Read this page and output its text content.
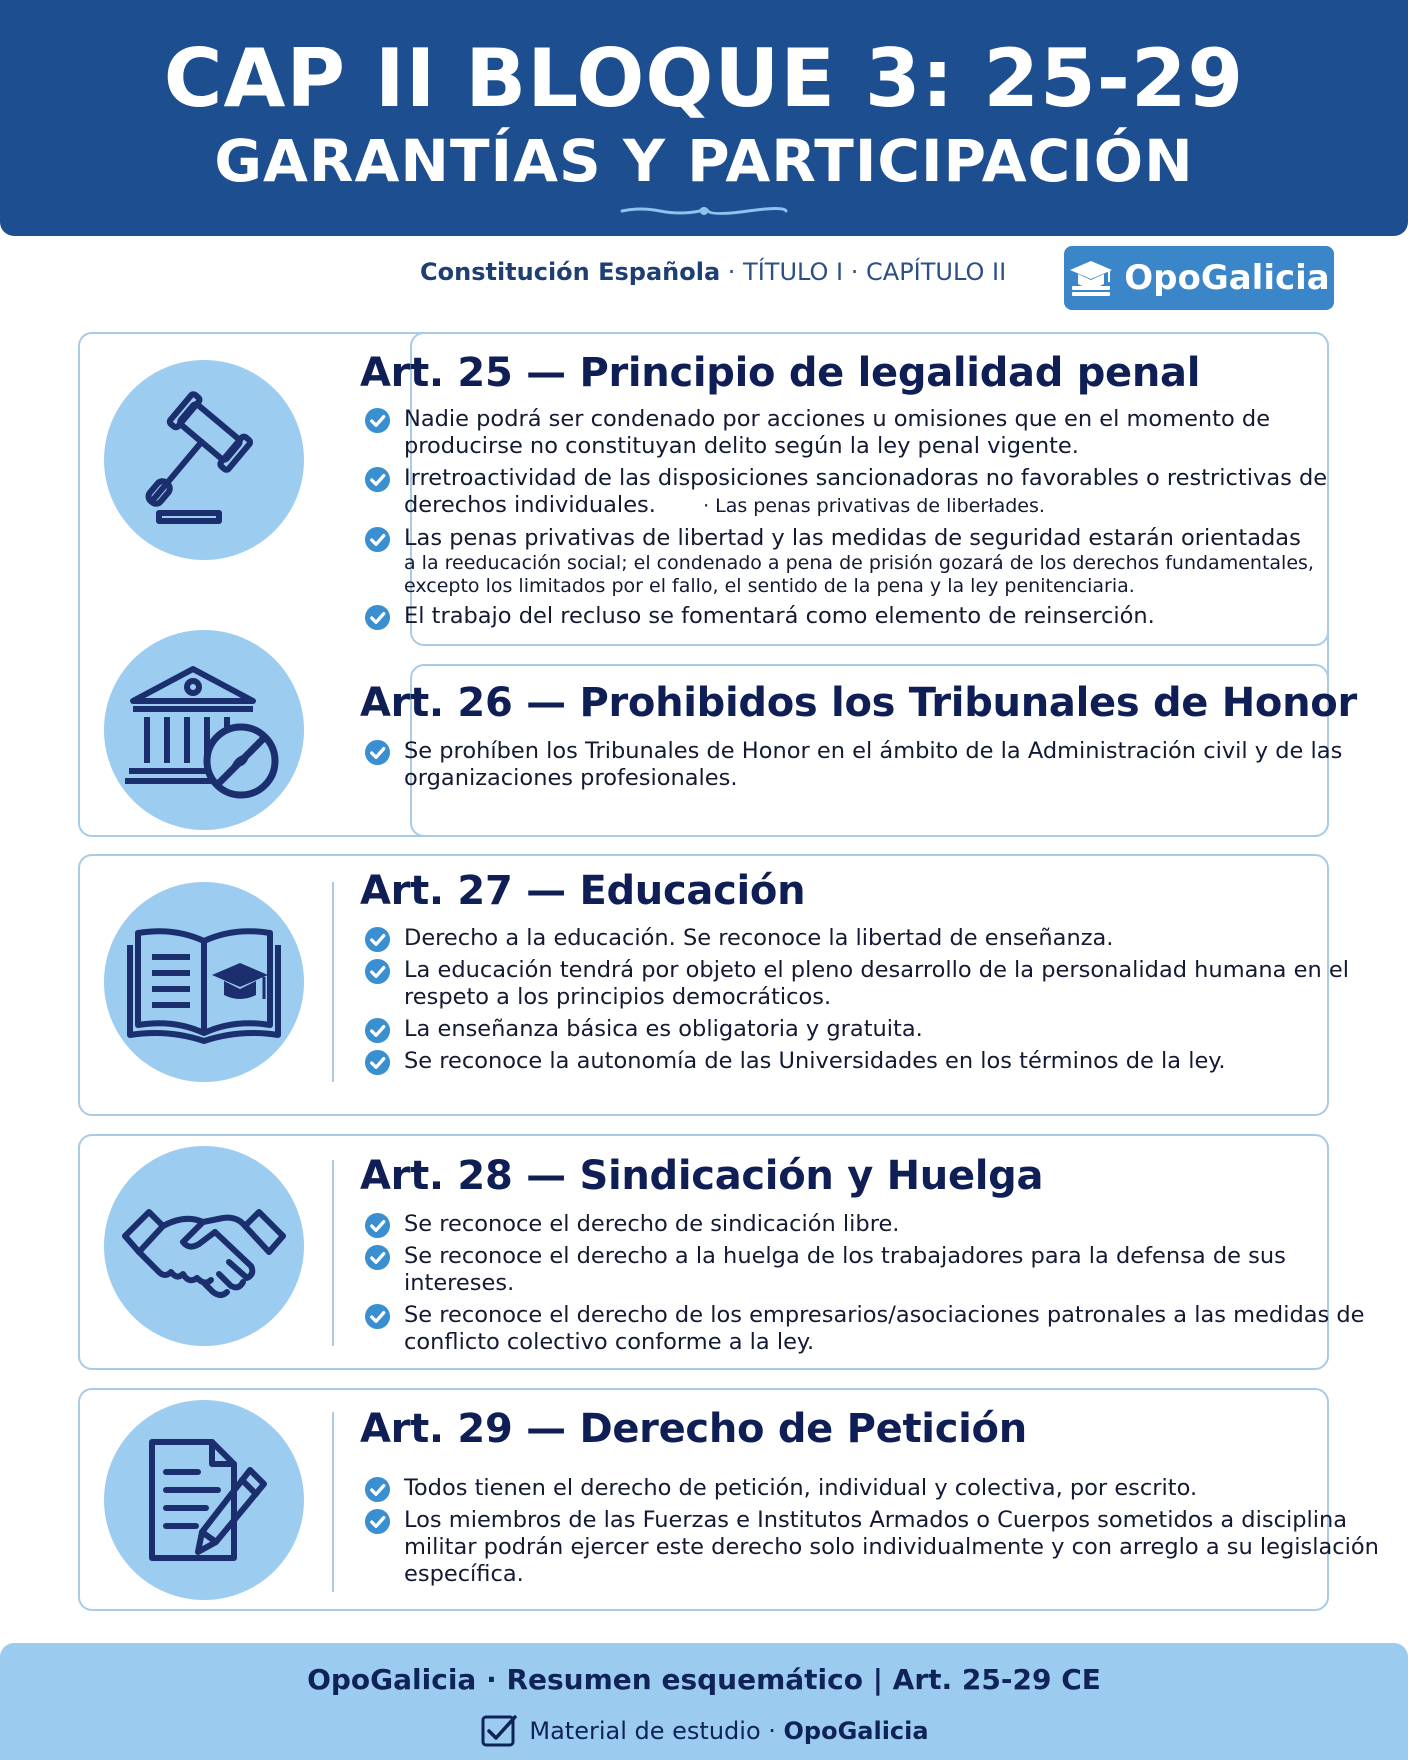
CAP II BLOQUE 3: 25-29
GARANTÍAS Y PARTICIPACIÓN
Constitución Española · TÍTULO I · CAPÍTULO II	OpoGalicia
Art. 25 — Principio de legalidad penal
Nadie podrá ser condenado por acciones u omisiones que en el momento de producirse no constituyan delito según la ley penal vigente.
Irretroactividad de las disposiciones sancionadoras no favorables o restrictivas de derechos individuales. · Las penas privativas de liberłades.
Las penas privativas de libertad y las medidas de seguridad estarán orientadas
a la reeducación social; el condenado a pena de prisión gozará de los derechos fundamentales, excepto los limitados por el fallo, el sentido de la pena y la ley penitenciaria.
El trabajo del recluso se fomentará como elemento de reinserción.
Art. 26 — Prohibidos los Tribunales de Honor
Se prohíben los Tribunales de Honor en el ámbito de la Administración civil y de las organizaciones profesionales.
Art. 27 — Educación
Derecho a la educación. Se reconoce la libertad de enseñanza.
La educación tendrá por objeto el pleno desarrollo de la personalidad humana en el respeto a los principios democráticos.
La enseñanza básica es obligatoria y gratuita.
Se reconoce la autonomía de las Universidades en los términos de la ley.
Art. 28 — Sindicación y Huelga
Se reconoce el derecho de sindicación libre.
Se reconoce el derecho a la huelga de los trabajadores para la defensa de sus intereses.
Se reconoce el derecho de los empresarios/asociaciones patronales a las medidas de conflicto colectivo conforme a la ley.
Art. 29 — Derecho de Petición
Todos tienen el derecho de petición, individual y colectiva, por escrito.
Los miembros de las Fuerzas e Institutos Armados o Cuerpos sometidos a disciplina militar podrán ejercer este derecho solo individualmente y con arreglo a su legislación específica.
OpoGalicia · Resumen esquemático | Art. 25-29 CE
Material de estudio · OpoGalicia
